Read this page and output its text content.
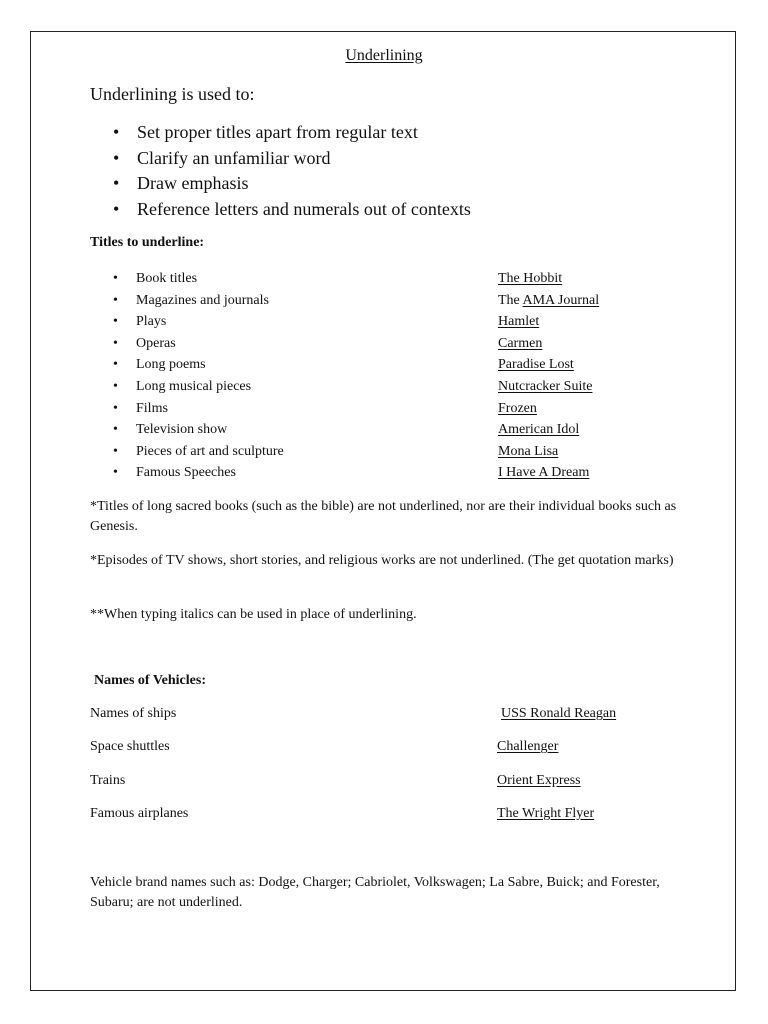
Underlining
Underlining is used to:
• Set proper titles apart from regular text
• Clarify an unfamiliar word
• Draw emphasis
• Reference letters and numerals out of contexts
Titles to underline:
• Book titles	The Hobbit
• Magazines and journals	The AMA Journal
• Plays	Hamlet
• Operas	Carmen
• Long poems	Paradise Lost
• Long musical pieces	Nutcracker Suite
• Films	Frozen
• Television show	American Idol
• Pieces of art and sculpture	Mona Lisa
• Famous Speeches	I Have A Dream
*Titles of long sacred books (such as the bible) are not underlined, nor are their individual books such as Genesis.
*Episodes of TV shows, short stories, and religious works are not underlined. (The get quotation marks)
**When typing italics can be used in place of underlining.
Names of Vehicles:
Names of ships	USS Ronald Reagan
Space shuttles	Challenger
Trains	Orient Express
Famous airplanes	The Wright Flyer
Vehicle brand names such as: Dodge, Charger; Cabriolet, Volkswagen; La Sabre, Buick; and Forester, Subaru; are not underlined.
